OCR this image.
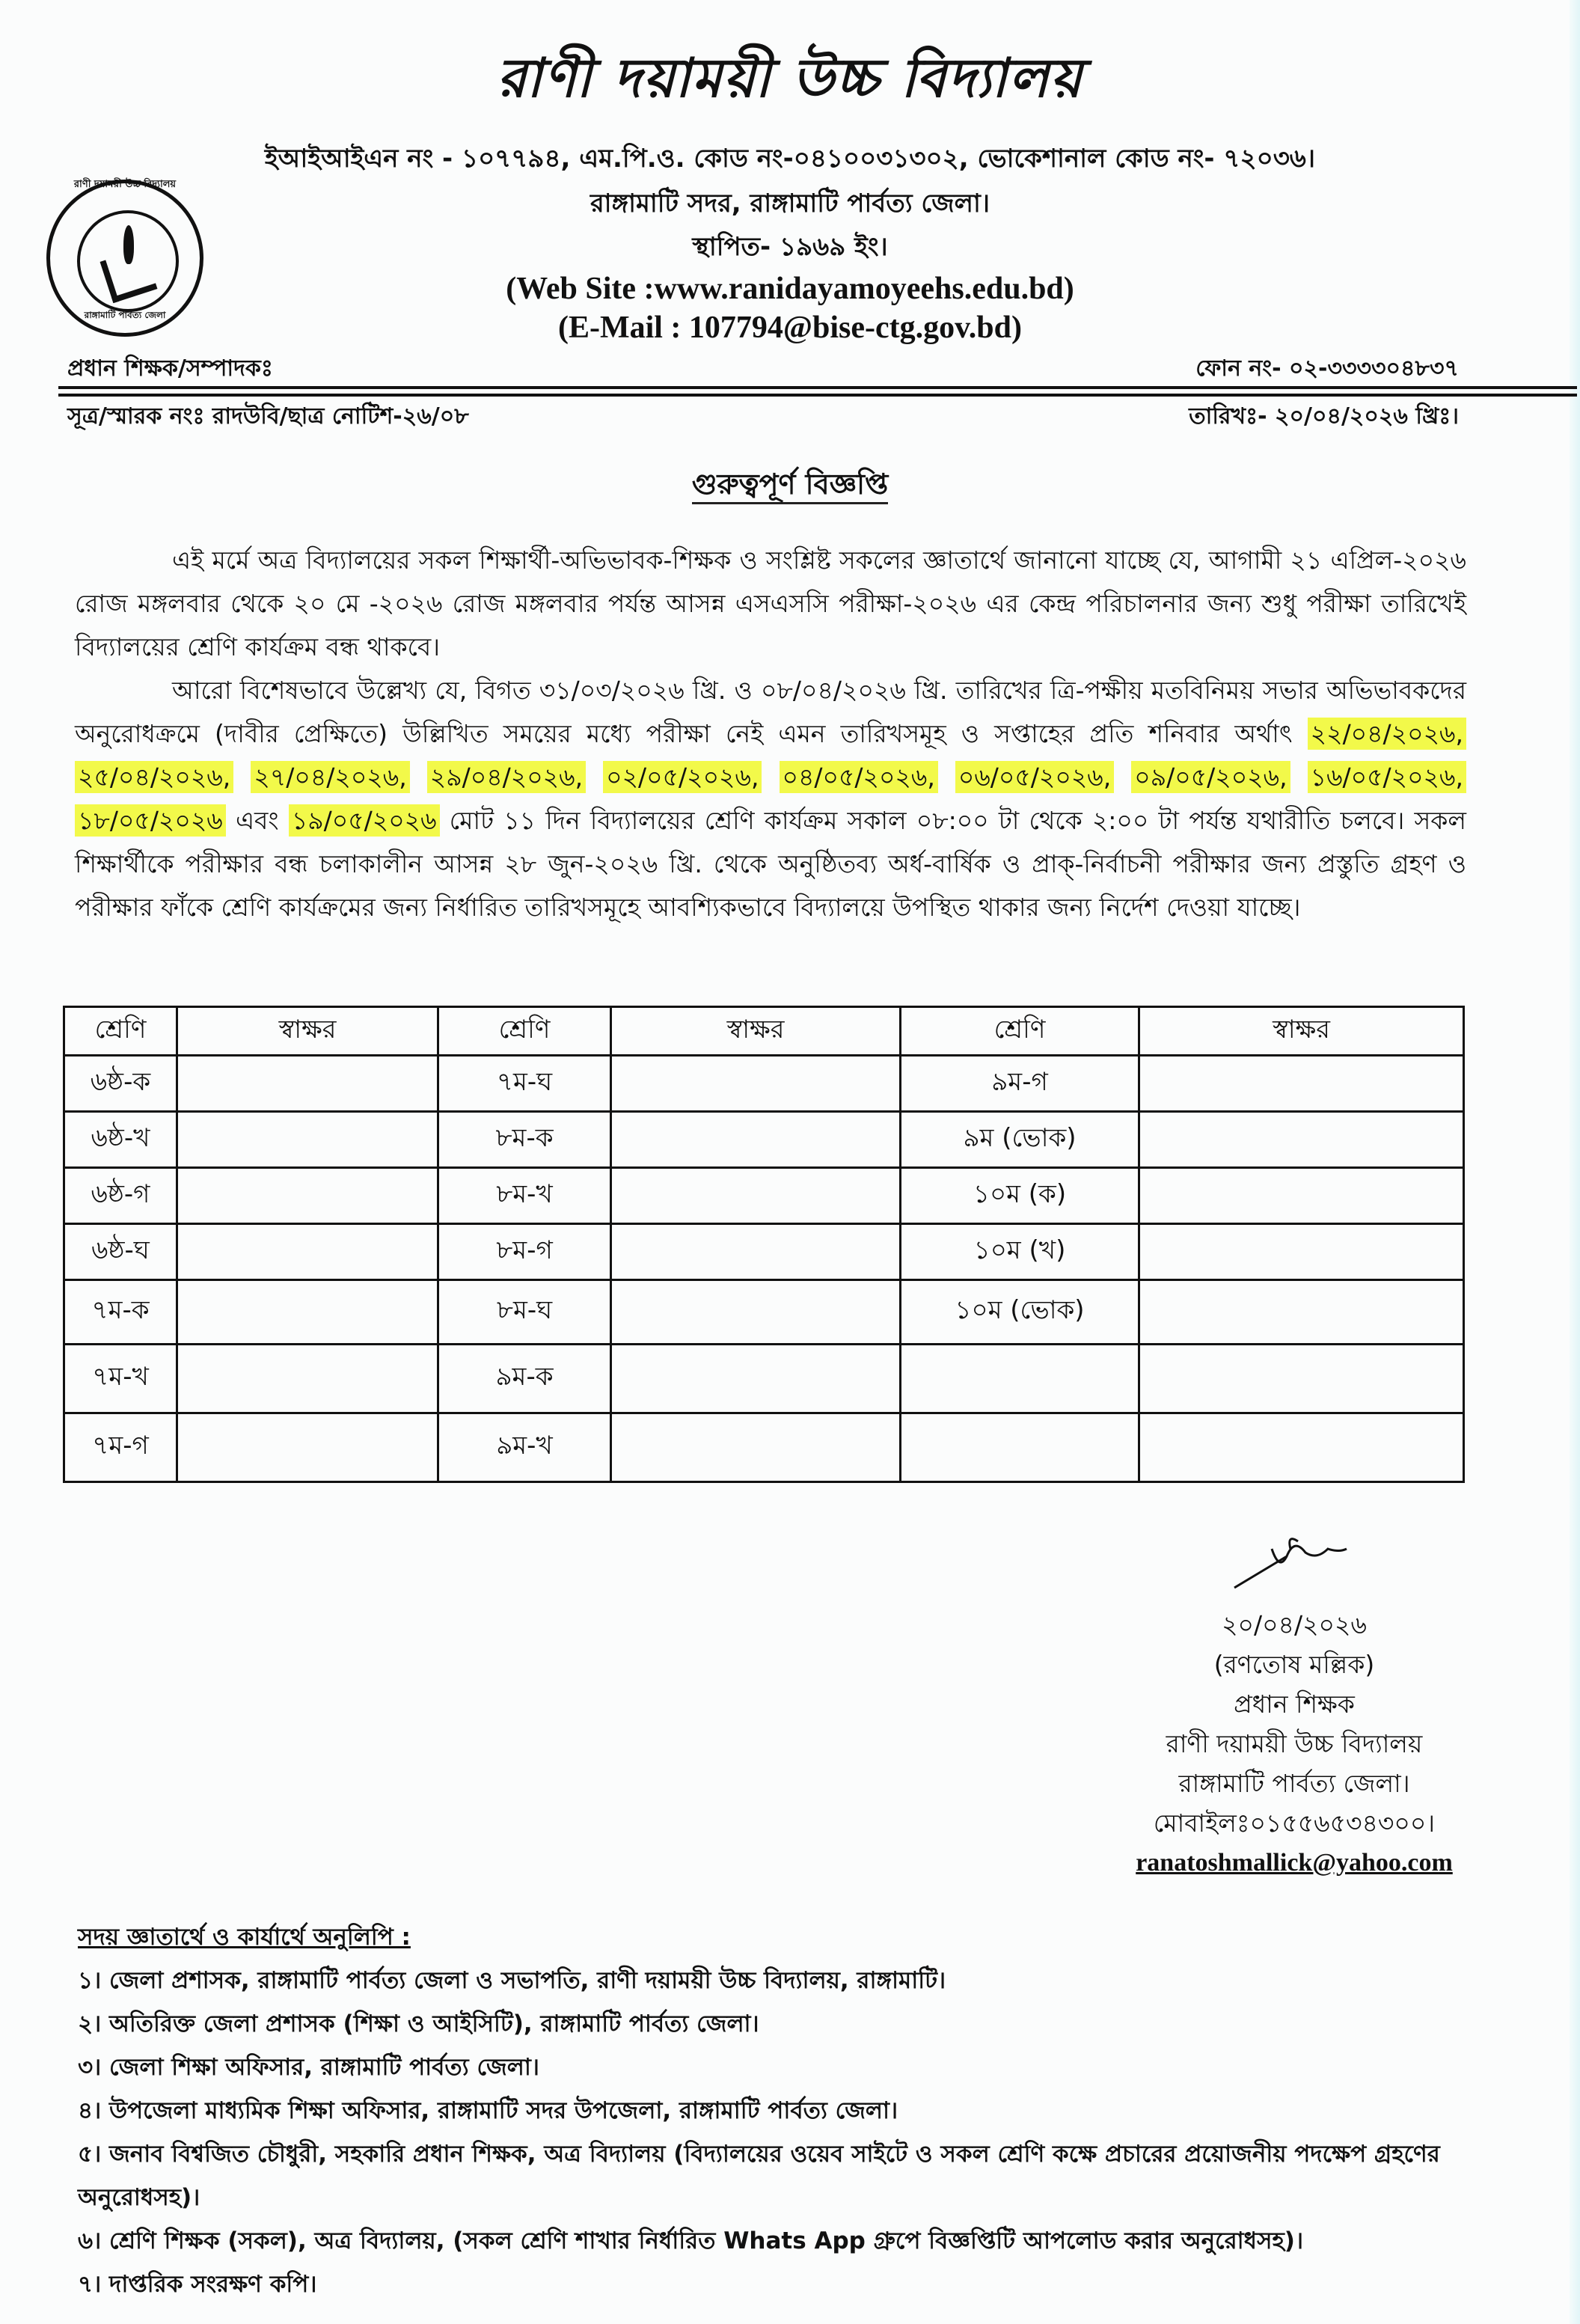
রাণী দয়াময়ী উচ্চ বিদ্যালয়
রাণী দয়াময়ী উচ্চ বিদ্যালয়
রাঙ্গামাটি পার্বত্য জেলা
ইআইআইএন নং - ১০৭৭৯৪, এম.পি.ও. কোড নং-০৪১০০৩১৩০২, ভোকেশানাল কোড নং- ৭২০৩৬।
রাঙ্গামাটি সদর, রাঙ্গামাটি পার্বত্য জেলা।
স্থাপিত- ১৯৬৯ ইং।
(Web Site :www.ranidayamoyeehs.edu.bd)
(E-Mail : 107794@bise-ctg.gov.bd)
প্রধান শিক্ষক/সম্পাদকঃ	ফোন নং- ০২-৩৩৩৩০৪৮৩৭
সূত্র/স্মারক নংঃ রাদউবি/ছাত্র নোটিশ-২৬/০৮	তারিখঃ- ২০/০৪/২০২৬ খ্রিঃ।
গুরুত্বপূর্ণ বিজ্ঞপ্তি
এই মর্মে অত্র বিদ্যালয়ের সকল শিক্ষার্থী-অভিভাবক-শিক্ষক ও সংশ্লিষ্ট সকলের জ্ঞাতার্থে জানানো যাচ্ছে যে, আগামী ২১ এপ্রিল-২০২৬ রোজ মঙ্গলবার থেকে ২০ মে -২০২৬ রোজ মঙ্গলবার পর্যন্ত আসন্ন এসএসসি পরীক্ষা-২০২৬ এর কেন্দ্র পরিচালনার জন্য শুধু পরীক্ষা তারিখেই বিদ্যালয়ের শ্রেণি কার্যক্রম বন্ধ থাকবে।
আরো বিশেষভাবে উল্লেখ্য যে, বিগত ৩১/০৩/২০২৬ খ্রি. ও ০৮/০৪/২০২৬ খ্রি. তারিখের ত্রি-পক্ষীয় মতবিনিময় সভার অভিভাবকদের অনুরোধক্রমে (দাবীর প্রেক্ষিতে) উল্লিখিত সময়ের মধ্যে পরীক্ষা নেই এমন তারিখসমূহ ও সপ্তাহের প্রতি শনিবার অর্থাৎ ২২/০৪/২০২৬, ২৫/০৪/২০২৬, ২৭/০৪/২০২৬, ২৯/০৪/২০২৬, ০২/০৫/২০২৬, ০৪/০৫/২০২৬, ০৬/০৫/২০২৬, ০৯/০৫/২০২৬, ১৬/০৫/২০২৬, ১৮/০৫/২০২৬ এবং ১৯/০৫/২০২৬ মোট ১১ দিন বিদ্যালয়ের শ্রেণি কার্যক্রম সকাল ০৮:০০ টা থেকে ২:০০ টা পর্যন্ত যথারীতি চলবে। সকল শিক্ষার্থীকে পরীক্ষার বন্ধ চলাকালীন আসন্ন ২৮ জুন-২০২৬ খ্রি. থেকে অনুষ্ঠিতব্য অর্ধ-বার্ষিক ও প্রাক্-নির্বাচনী পরীক্ষার জন্য প্রস্তুতি গ্রহণ ও পরীক্ষার ফাঁকে শ্রেণি কার্যক্রমের জন্য নির্ধারিত তারিখসমূহে আবশ্যিকভাবে বিদ্যালয়ে উপস্থিত থাকার জন্য নির্দেশ দেওয়া যাচ্ছে।
শ্রেণি	স্বাক্ষর	শ্রেণি	স্বাক্ষর	শ্রেণি	স্বাক্ষর
৬ষ্ঠ-ক		৭ম-ঘ		৯ম-গ	
৬ষ্ঠ-খ		৮ম-ক		৯ম (ভোক)	
৬ষ্ঠ-গ		৮ম-খ		১০ম (ক)	
৬ষ্ঠ-ঘ		৮ম-গ		১০ম (খ)	
৭ম-ক		৮ম-ঘ		১০ম (ভোক)	
৭ম-খ		৯ম-ক			
৭ম-গ		৯ম-খ			
২০/০৪/২০২৬
(রণতোষ মল্লিক)
প্রধান শিক্ষক
রাণী দয়াময়ী উচ্চ বিদ্যালয়
রাঙ্গামাটি পার্বত্য জেলা।
মোবাইলঃ০১৫৫৬৫৩৪৩০০।
ranatoshmallick@yahoo.com
সদয় জ্ঞাতার্থে ও কার্যার্থে অনুলিপি :
১। জেলা প্রশাসক, রাঙ্গামাটি পার্বত্য জেলা ও সভাপতি, রাণী দয়াময়ী উচ্চ বিদ্যালয়, রাঙ্গামাটি।
২। অতিরিক্ত জেলা প্রশাসক (শিক্ষা ও আইসিটি), রাঙ্গামাটি পার্বত্য জেলা।
৩। জেলা শিক্ষা অফিসার, রাঙ্গামাটি পার্বত্য জেলা।
৪। উপজেলা মাধ্যমিক শিক্ষা অফিসার, রাঙ্গামাটি সদর উপজেলা, রাঙ্গামাটি পার্বত্য জেলা।
৫। জনাব বিশ্বজিত চৌধুরী, সহকারি প্রধান শিক্ষক, অত্র বিদ্যালয় (বিদ্যালয়ের ওয়েব সাইটে ও সকল শ্রেণি কক্ষে প্রচারের প্রয়োজনীয় পদক্ষেপ গ্রহণের অনুরোধসহ)।
৬। শ্রেণি শিক্ষক (সকল), অত্র বিদ্যালয়, (সকল শ্রেণি শাখার নির্ধারিত Whats App গ্রুপে বিজ্ঞপ্তিটি আপলোড করার অনুরোধসহ)।
৭। দাপ্তরিক সংরক্ষণ কপি।
